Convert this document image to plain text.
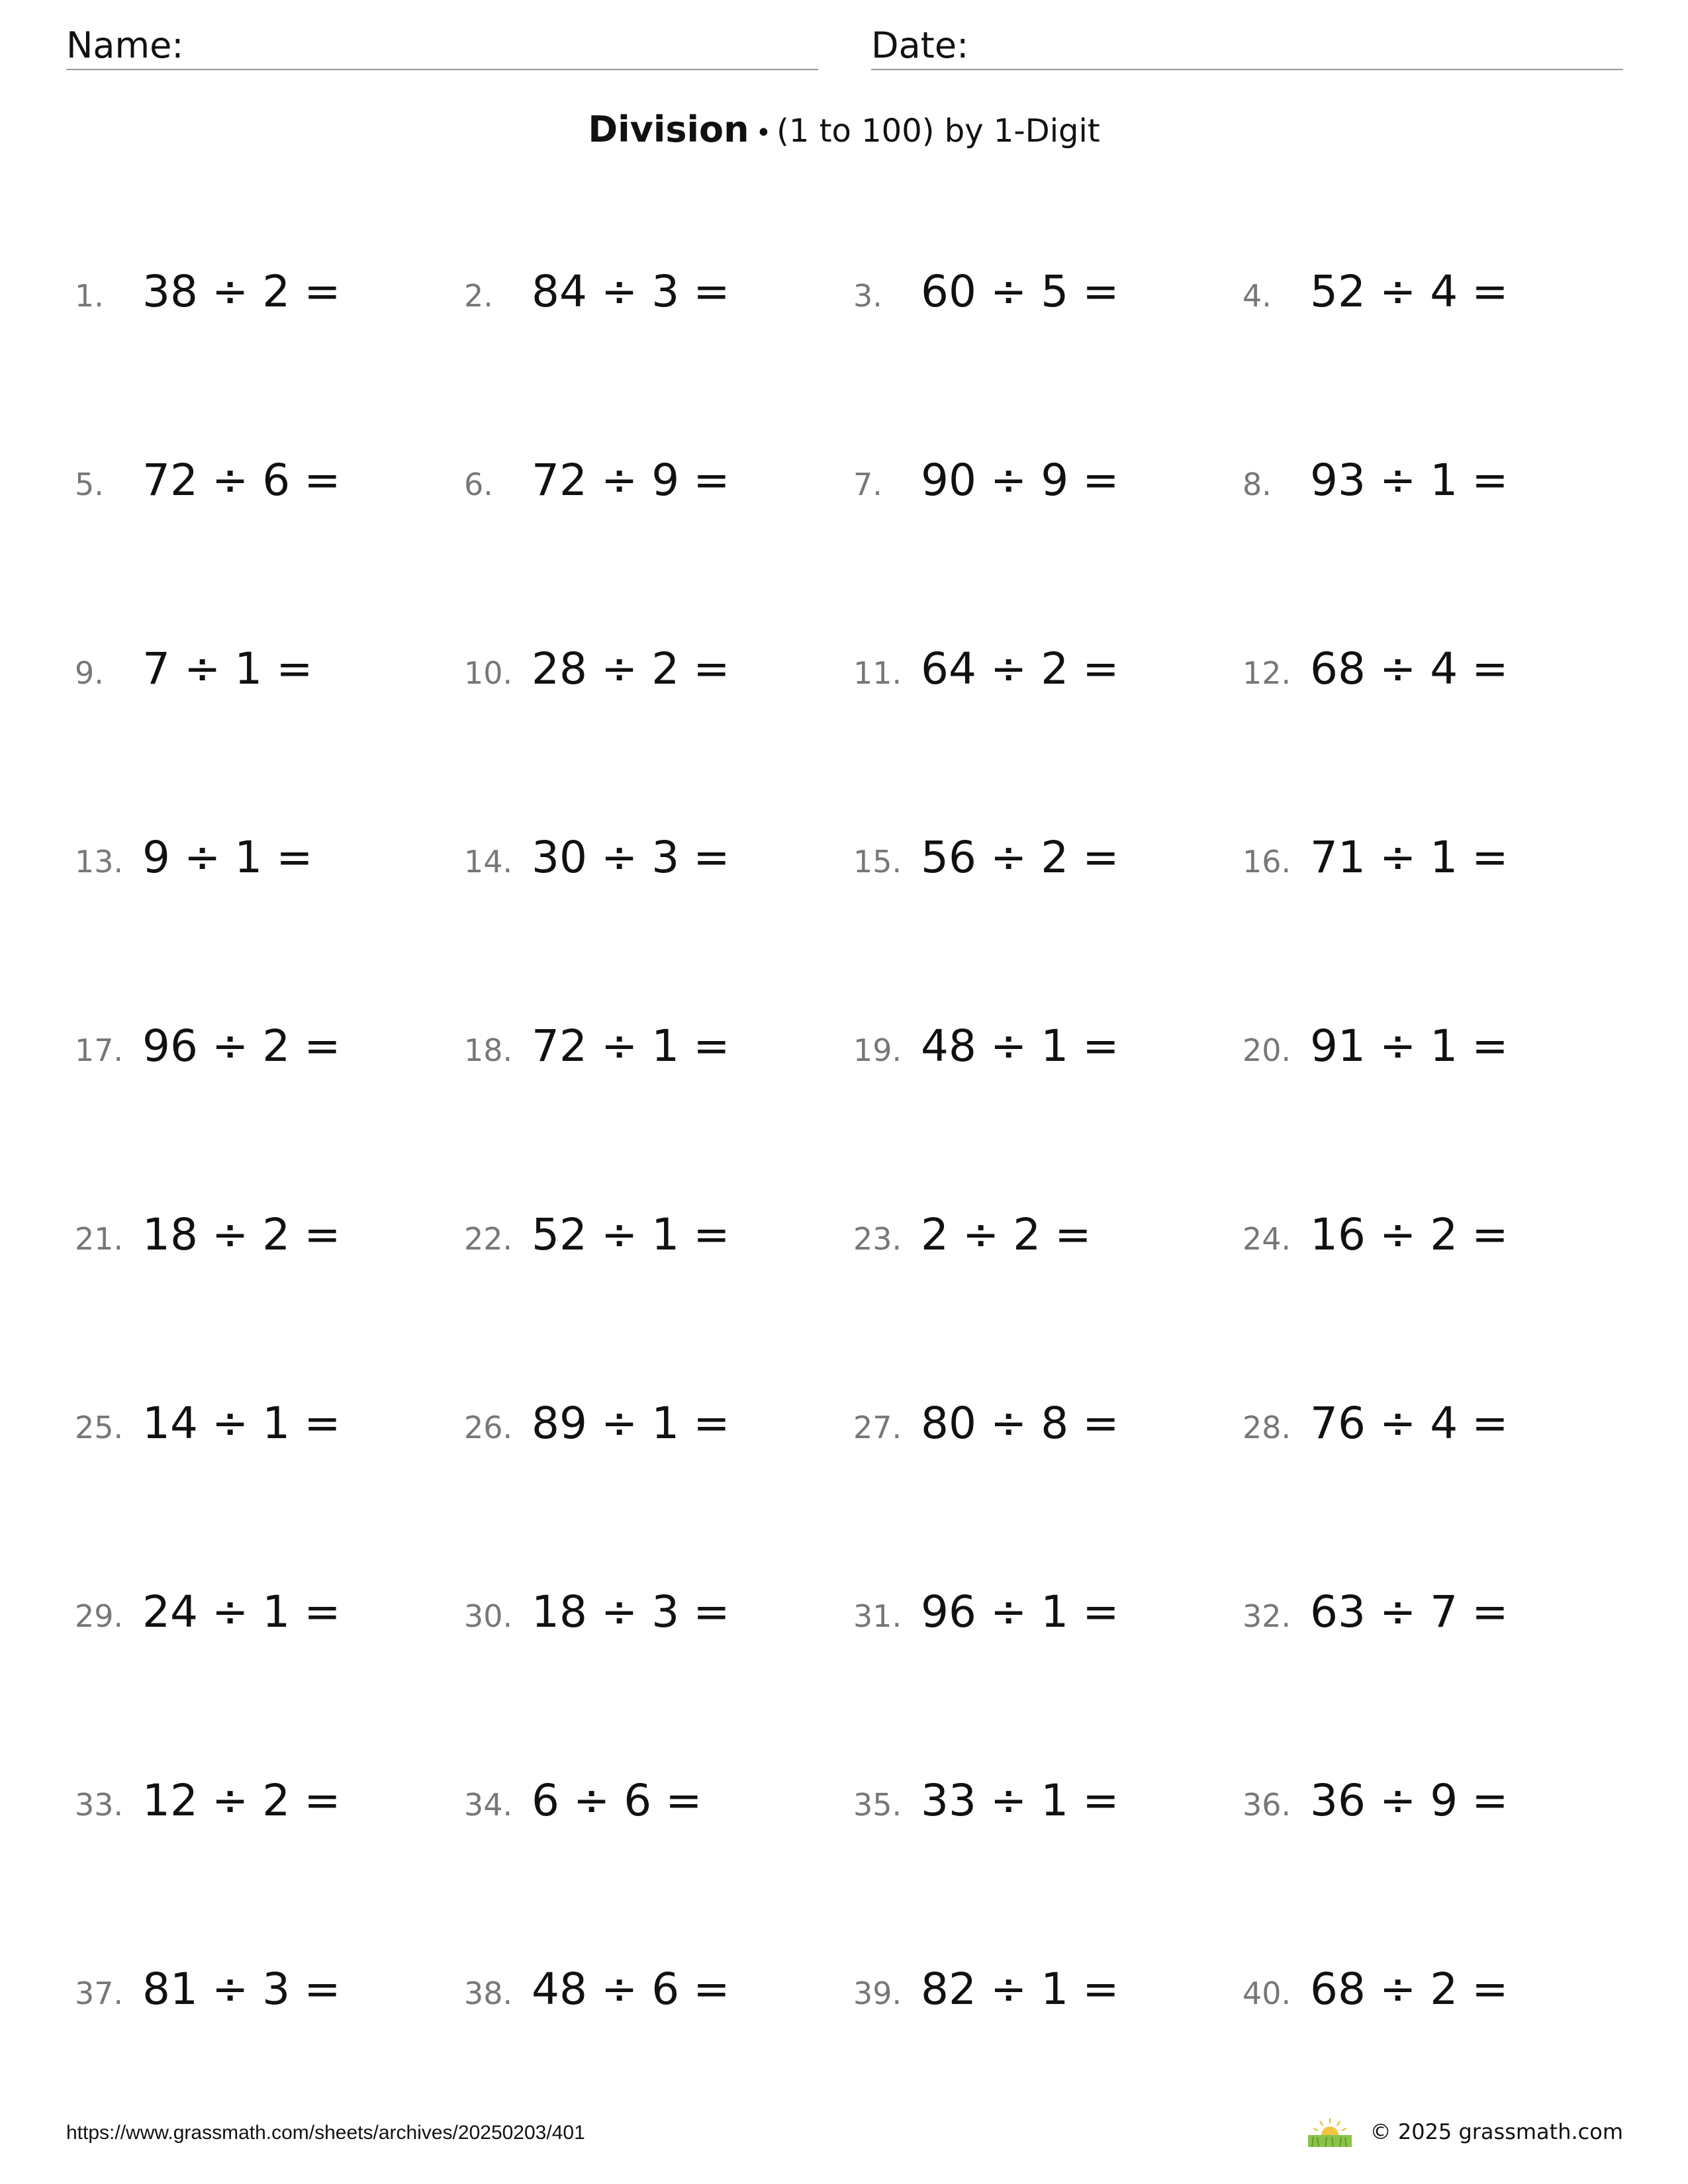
Name:	Date:
Division • (1 to 100) by 1-Digit
1. 38 ÷ 2 =	2. 84 ÷ 3 =	3. 60 ÷ 5 =	4. 52 ÷ 4 =
5. 72 ÷ 6 =	6. 72 ÷ 9 =	7. 90 ÷ 9 =	8. 93 ÷ 1 =
9. 7 ÷ 1 =	10. 28 ÷ 2 =	11. 64 ÷ 2 =	12. 68 ÷ 4 =
13. 9 ÷ 1 =	14. 30 ÷ 3 =	15. 56 ÷ 2 =	16. 71 ÷ 1 =
17. 96 ÷ 2 =	18. 72 ÷ 1 =	19. 48 ÷ 1 =	20. 91 ÷ 1 =
21. 18 ÷ 2 =	22. 52 ÷ 1 =	23. 2 ÷ 2 =	24. 16 ÷ 2 =
25. 14 ÷ 1 =	26. 89 ÷ 1 =	27. 80 ÷ 8 =	28. 76 ÷ 4 =
29. 24 ÷ 1 =	30. 18 ÷ 3 =	31. 96 ÷ 1 =	32. 63 ÷ 7 =
33. 12 ÷ 2 =	34. 6 ÷ 6 =	35. 33 ÷ 1 =	36. 36 ÷ 9 =
37. 81 ÷ 3 =	38. 48 ÷ 6 =	39. 82 ÷ 1 =	40. 68 ÷ 2 =
https://www.grassmath.com/sheets/archives/20250203/401	© 2025 grassmath.com
